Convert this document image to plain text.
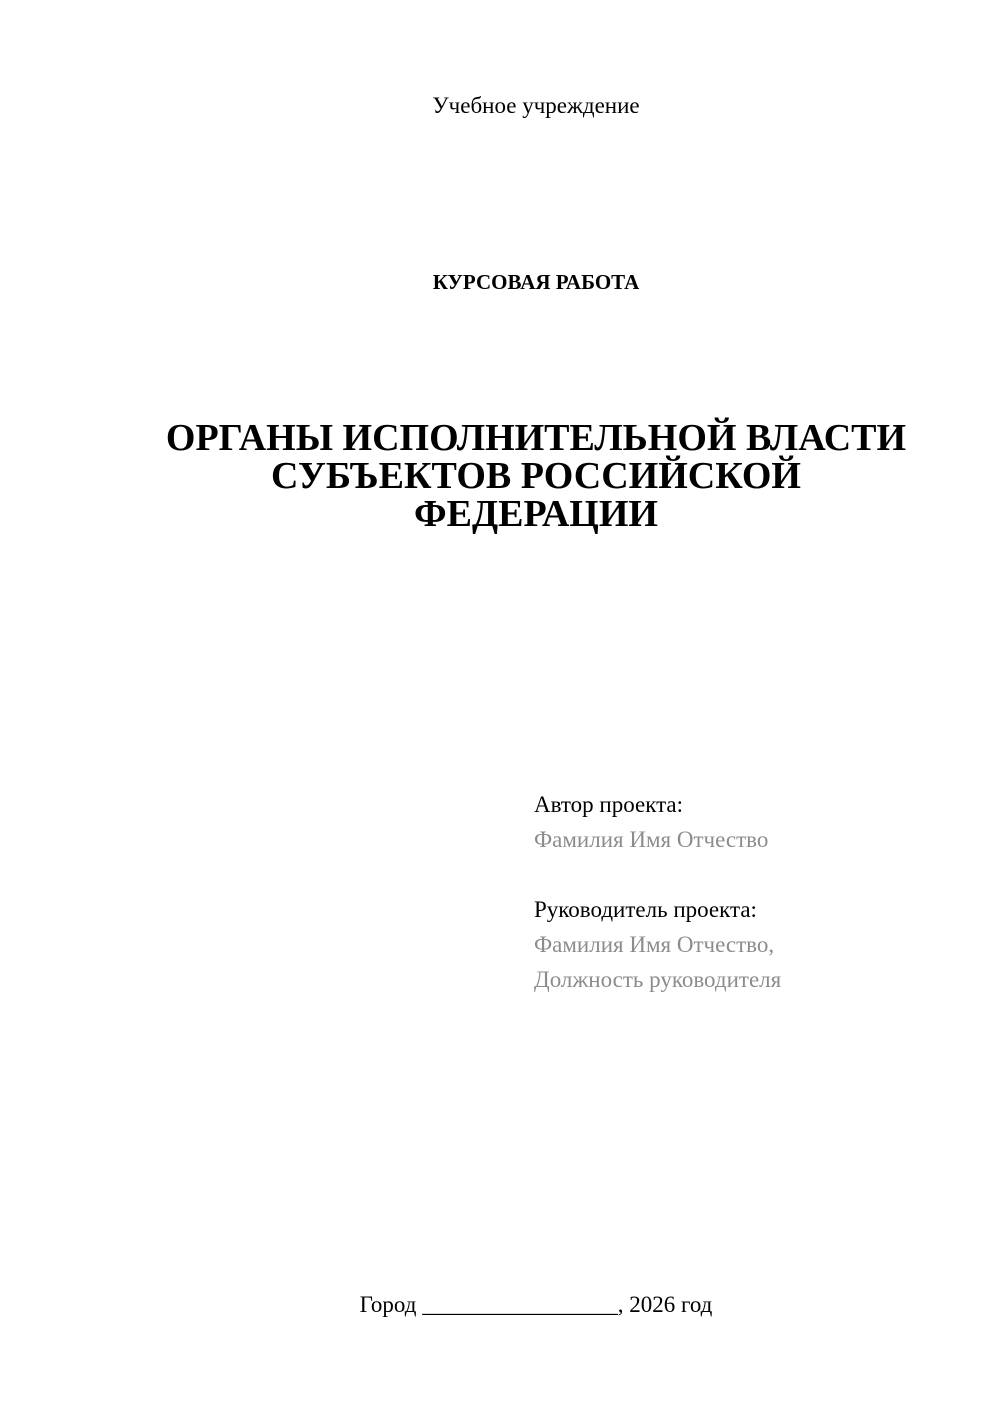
Учебное учреждение
КУРСОВАЯ РАБОТА
ОРГАНЫ ИСПОЛНИТЕЛЬНОЙ ВЛАСТИ
СУБЪЕКТОВ РОССИЙСКОЙ
ФЕДЕРАЦИИ
Автор проекта:
Фамилия Имя Отчество
Руководитель проекта:
Фамилия Имя Отчество,
Должность руководителя
Город _________________, 2026 год
